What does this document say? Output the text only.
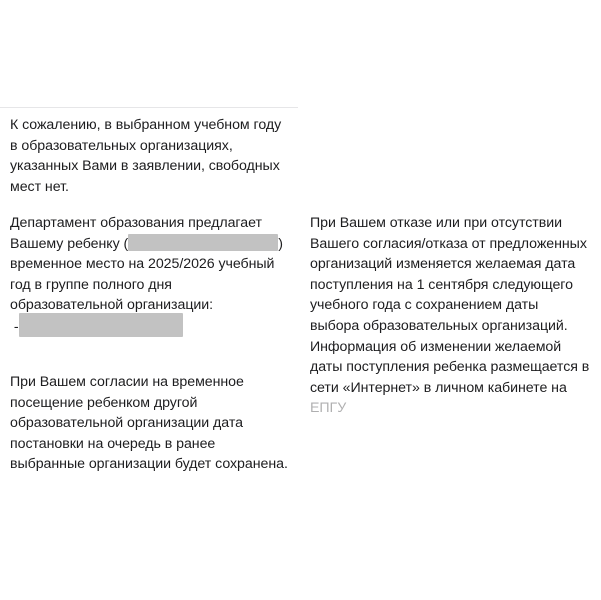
К сожалению, в выбранном учебном году
в образовательных организациях,
указанных Вами в заявлении, свободных
мест нет.
Департамент образования предлагает
Вашему ребенку (	)
временное место на 2025/2026 учебный
год в группе полного дня
образовательной организации:
-
При Вашем согласии на временное
посещение ребенком другой
образовательной организации дата
постановки на очередь в ранее
выбранные организации будет сохранена.
При Вашем отказе или при отсутствии
Вашего согласия/отказа от предложенных
организаций изменяется желаемая дата
поступления на 1 сентября следующего
учебного года с сохранением даты
выбора образовательных организаций.
Информация об изменении желаемой
даты поступления ребенка размещается в
сети «Интернет» в личном кабинете на
ЕПГУ
